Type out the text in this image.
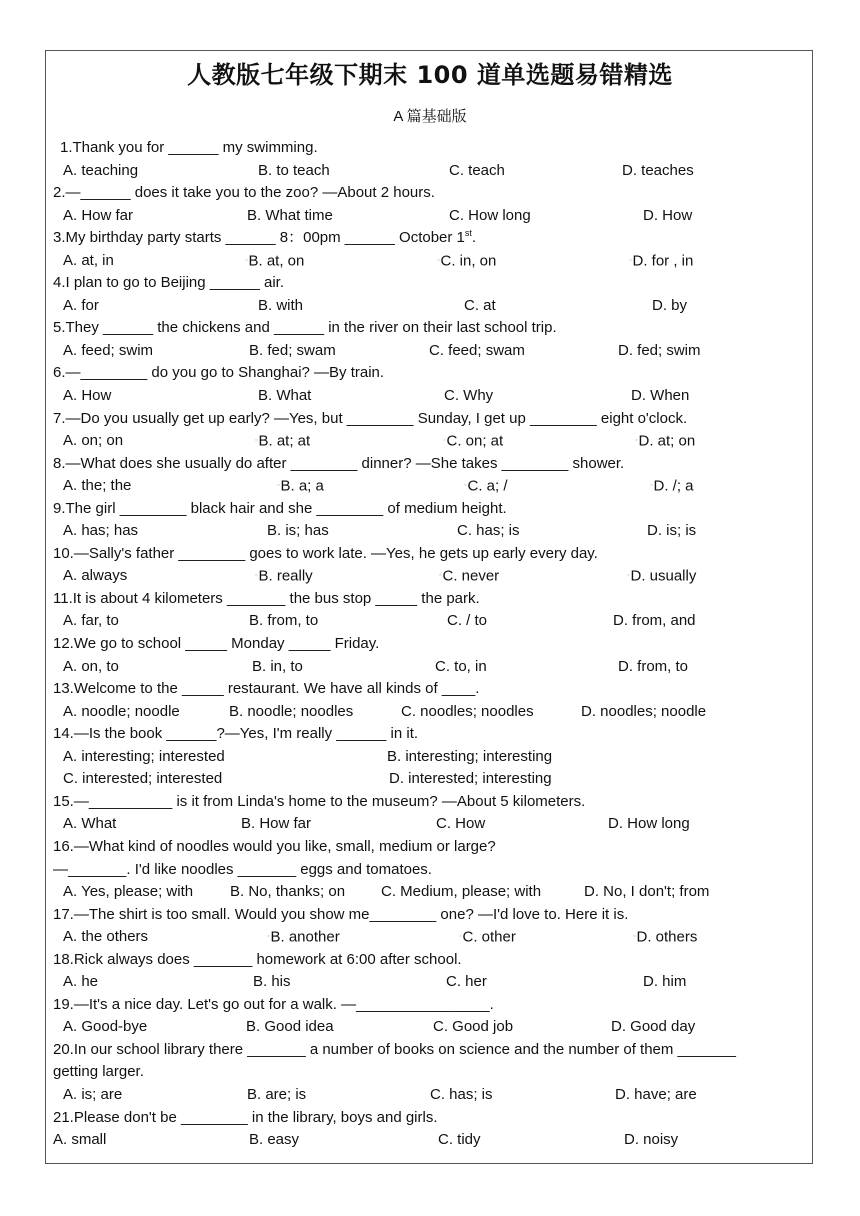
人教版七年级下期末 100 道单选题易错精选
A 篇基础版
1.Thank you for ______ my swimming.
A. teaching	B. to teach	C. teach	D. teaches
2.—______ does it take you to the zoo? —About 2 hours.
A. How far	B. What time	C. How long	D. How
3.My birthday party starts ______ 8：00pm ______ October 1st.
A. at, in	▫B. at, on	▫C. in, on	▫D. for , in
4.I plan to go to Beijing ______ air.
A. for	B. with	C. at	D. by
5.They ______ the chickens and ______ in the river on their last school trip.
A. feed; swim	B. fed; swam	C. feed; swam	D. fed; swim
6.—________ do you go to Shanghai? —By train.
A. How	B. What	C. Why	D. When
7.—Do you usually get up early? —Yes, but ________ Sunday, I get up ________ eight o'clock.
A. on; on	▫B. at; at	▫C. on; at	▫D. at; on
8.—What does she usually do after ________ dinner? —She takes ________ shower.
A. the; the	▫B. a; a	▫C. a; /	▫D. /; a
9.The girl ________ black hair and she ________ of medium height.
A. has; has	B. is; has	C. has; is	D. is; is
10.—Sally's father ________ goes to work late. —Yes, he gets up early every day.
A. always	▫B. really	▫C. never	▫D. usually
11.It is about 4 kilometers _______ the bus stop _____ the park.
A. far, to	B. from, to	C. / to	D. from, and
12.We go to school _____ Monday _____ Friday.
A. on, to	B. in, to	C. to, in	D. from, to
13.Welcome to the _____ restaurant. We have all kinds of ____.
A. noodle; noodle	B. noodle; noodles	C. noodles; noodles	D. noodles; noodle
14.—Is the book ______?—Yes, I'm really ______ in it.
A. interesting; interested	B. interesting; interesting
C. interested; interested	D. interested; interesting
15.—__________ is it from Linda's home to the museum? —About 5 kilometers.
A. What	B. How far	C. How	D. How long
16.—What kind of noodles would you like, small, medium or large?
—_______. I'd like noodles _______ eggs and tomatoes.
A. Yes, please; with B. No, thanks; on C. Medium, please; with	D. No, I don't; from
17.—The shirt is too small. Would you show me________ one? —I'd love to. Here it is.
A. the others	▫B. another	▫C. other	▫D. others
18.Rick always does _______ homework at 6:00 after school.
A. he	B. his	C. her	D. him
19.—It's a nice day. Let's go out for a walk. —________________.
A. Good-bye	B. Good idea	C. Good job	D. Good day
20.In our school library there _______ a number of books on science and the number of them _______
getting larger.
A. is; are	B. are; is	C. has; is	D. have; are
21.Please don't be ________ in the library, boys and girls.
A. small	B. easy	C. tidy	D. noisy
